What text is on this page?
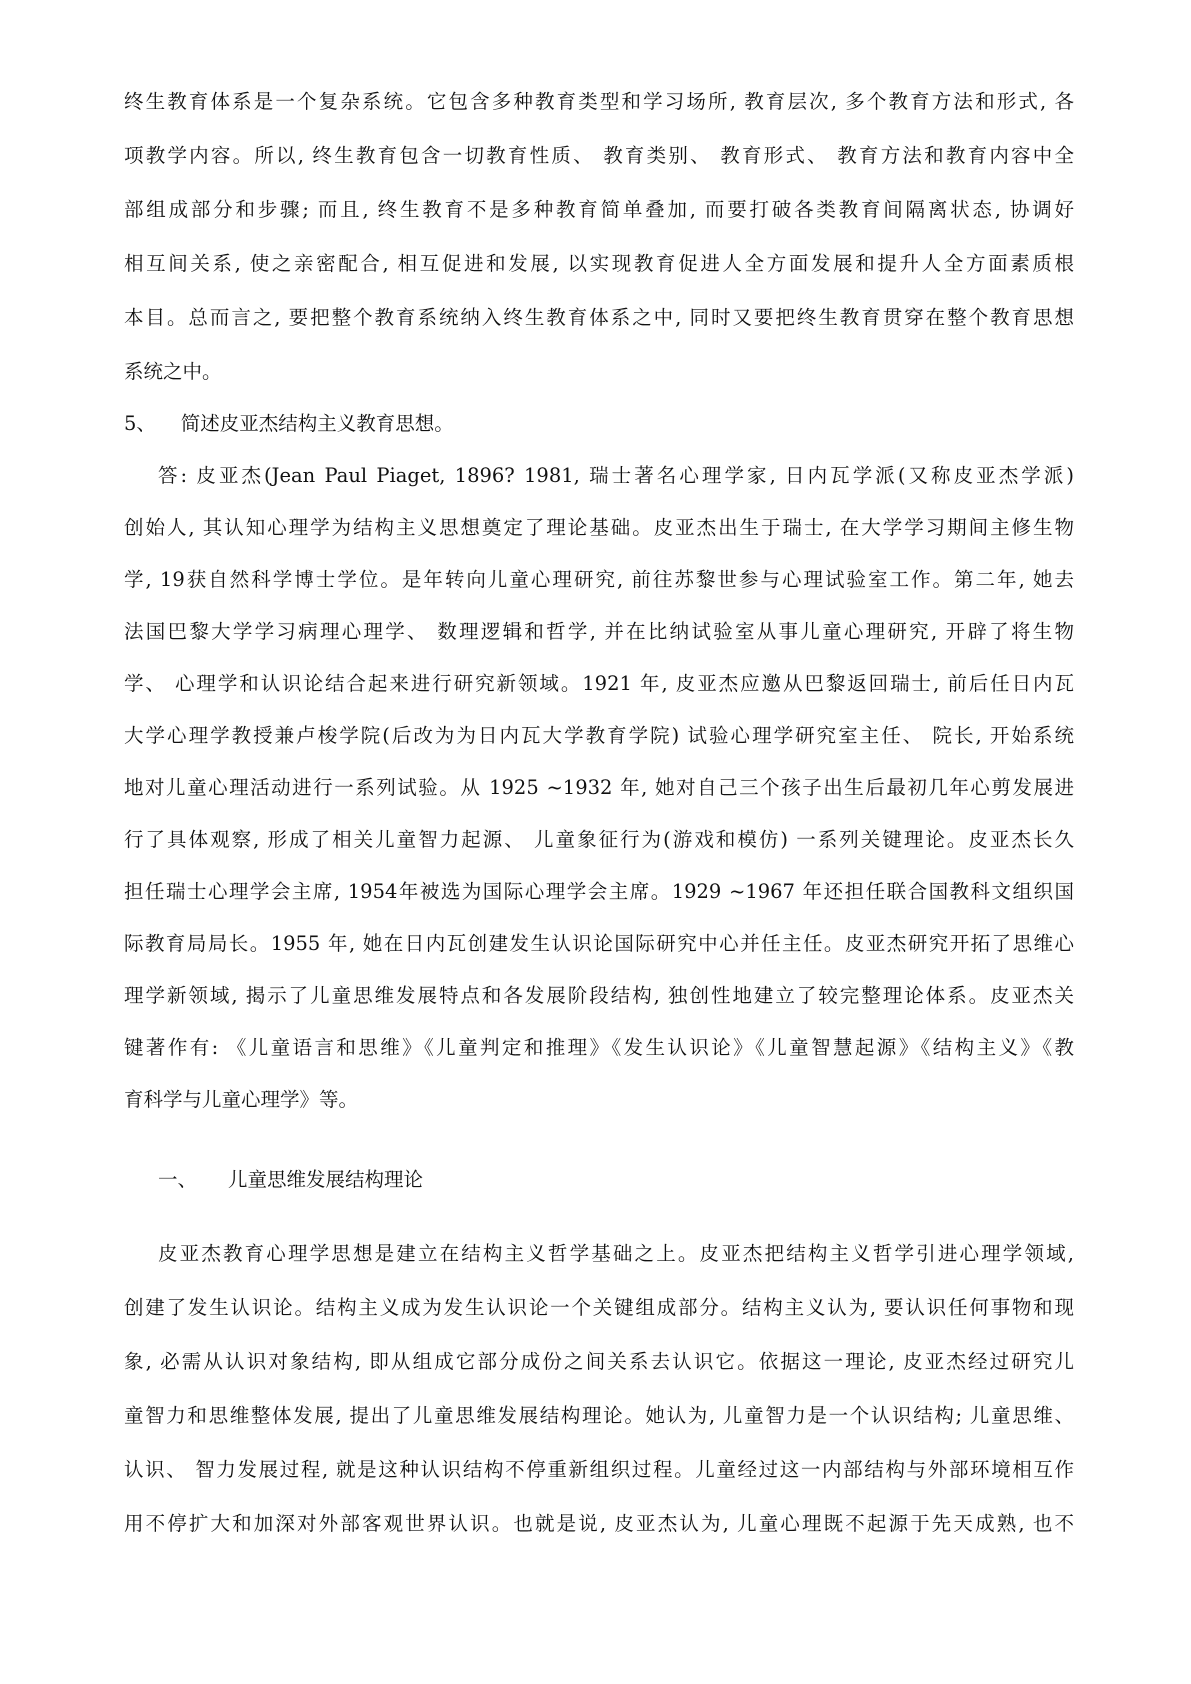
终生教育体系是一个复杂系统。它包含多种教育类型和学习场所, 教育层次, 多个教育方法和形式, 各
项教学内容。所以, 终生教育包含一切教育性质、 教育类别、 教育形式、 教育方法和教育内容中全
部组成部分和步骤; 而且, 终生教育不是多种教育简单叠加, 而要打破各类教育间隔离状态, 协调好
相互间关系, 使之亲密配合, 相互促进和发展, 以实现教育促进人全方面发展和提升人全方面素质根
本目。总而言之, 要把整个教育系统纳入终生教育体系之中, 同时又要把终生教育贯穿在整个教育思想
系统之中。
5、 简述皮亚杰结构主义教育思想。
答: 皮亚杰(Jean Paul Piaget, 1896? 1981, 瑞士著名心理学家, 日内瓦学派(又称皮亚杰学派)
创始人, 其认知心理学为结构主义思想奠定了理论基础。皮亚杰出生于瑞士, 在大学学习期间主修生物
学, 19获自然科学博士学位。是年转向儿童心理研究, 前往苏黎世参与心理试验室工作。第二年, 她去
法国巴黎大学学习病理心理学、 数理逻辑和哲学, 并在比纳试验室从事儿童心理研究, 开辟了将生物
学、 心理学和认识论结合起来进行研究新领域。1921 年, 皮亚杰应邀从巴黎返回瑞士, 前后任日内瓦
大学心理学教授兼卢梭学院(后改为为日内瓦大学教育学院) 试验心理学研究室主任、 院长, 开始系统
地对儿童心理活动进行一系列试验。从 1925 ~1932 年, 她对自己三个孩子出生后最初几年心剪发展进
行了具体观察, 形成了相关儿童智力起源、 儿童象征行为(游戏和模仿) 一系列关键理论。皮亚杰长久
担任瑞士心理学会主席, 1954年被选为国际心理学会主席。1929 ~1967 年还担任联合国教科文组织国
际教育局局长。1955 年, 她在日内瓦创建发生认识论国际研究中心并任主任。皮亚杰研究开拓了思维心
理学新领域, 揭示了儿童思维发展特点和各发展阶段结构, 独创性地建立了较完整理论体系。皮亚杰关
键著作有: 《儿童语言和思维》《儿童判定和推理》《发生认识论》《儿童智慧起源》《结构主义》《教
育科学与儿童心理学》等。
一、 儿童思维发展结构理论
皮亚杰教育心理学思想是建立在结构主义哲学基础之上。皮亚杰把结构主义哲学引进心理学领域,
创建了发生认识论。结构主义成为发生认识论一个关键组成部分。结构主义认为, 要认识任何事物和现
象, 必需从认识对象结构, 即从组成它部分成份之间关系去认识它。依据这一理论, 皮亚杰经过研究儿
童智力和思维整体发展, 提出了儿童思维发展结构理论。她认为, 儿童智力是一个认识结构; 儿童思维、
认识、 智力发展过程, 就是这种认识结构不停重新组织过程。儿童经过这一内部结构与外部环境相互作
用不停扩大和加深对外部客观世界认识。也就是说, 皮亚杰认为, 儿童心理既不起源于先天成熟, 也不
